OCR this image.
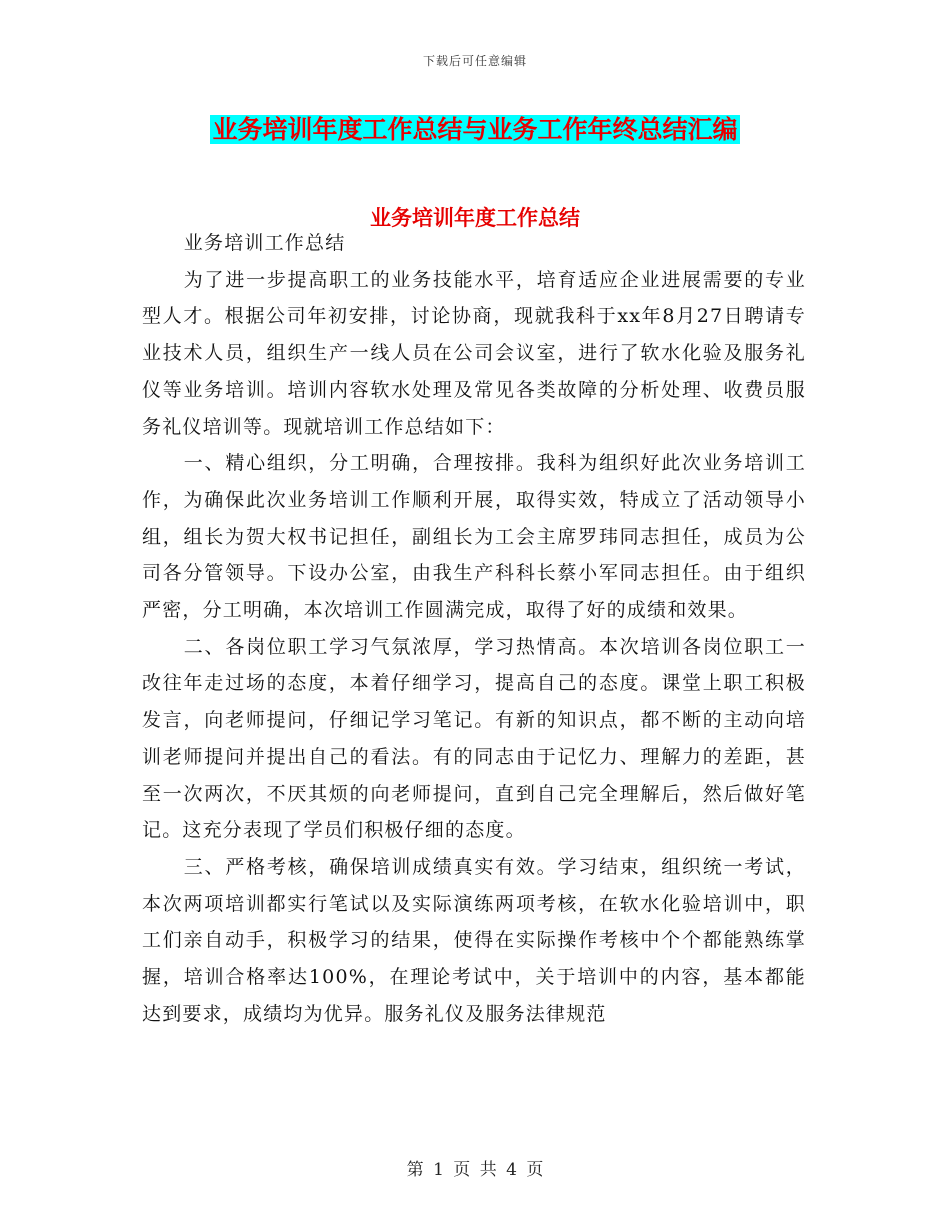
下载后可任意编辑
业务培训年度工作总结与业务工作年终总结汇编
业务培训年度工作总结

业务培训工作总结

为了进一步提高职工的业务技能水平，培育适应企业进展需要的专业型人才。根据公司年初安排，讨论协商，现就我科于xx年8月27日聘请专业技术人员，组织生产一线人员在公司会议室，进行了软水化验及服务礼仪等业务培训。培训内容软水处理及常见各类故障的分析处理、收费员服务礼仪培训等。现就培训工作总结如下：

一、精心组织，分工明确，合理按排。我科为组织好此次业务培训工作，为确保此次业务培训工作顺利开展，取得实效，特成立了活动领导小组，组长为贺大权书记担任，副组长为工会主席罗玮同志担任，成员为公司各分管领导。下设办公室，由我生产科科长蔡小军同志担任。由于组织严密，分工明确，本次培训工作圆满完成，取得了好的成绩和效果。

二、各岗位职工学习气氛浓厚，学习热情高。本次培训各岗位职工一改往年走过场的态度，本着仔细学习，提高自己的态度。课堂上职工积极发言，向老师提问，仔细记学习笔记。有新的知识点，都不断的主动向培训老师提问并提出自己的看法。有的同志由于记忆力、理解力的差距，甚至一次两次，不厌其烦的向老师提问，直到自己完全理解后，然后做好笔记。这充分表现了学员们积极仔细的态度。

三、严格考核，确保培训成绩真实有效。学习结束，组织统一考试，本次两项培训都实行笔试以及实际演练两项考核，在软水化验培训中，职工们亲自动手，积极学习的结果，使得在实际操作考核中个个都能熟练掌握，培训合格率达100%，在理论考试中，关于培训中的内容，基本都能达到要求，成绩均为优异。服务礼仪及服务法律规范

第 1 页 共 4 页
